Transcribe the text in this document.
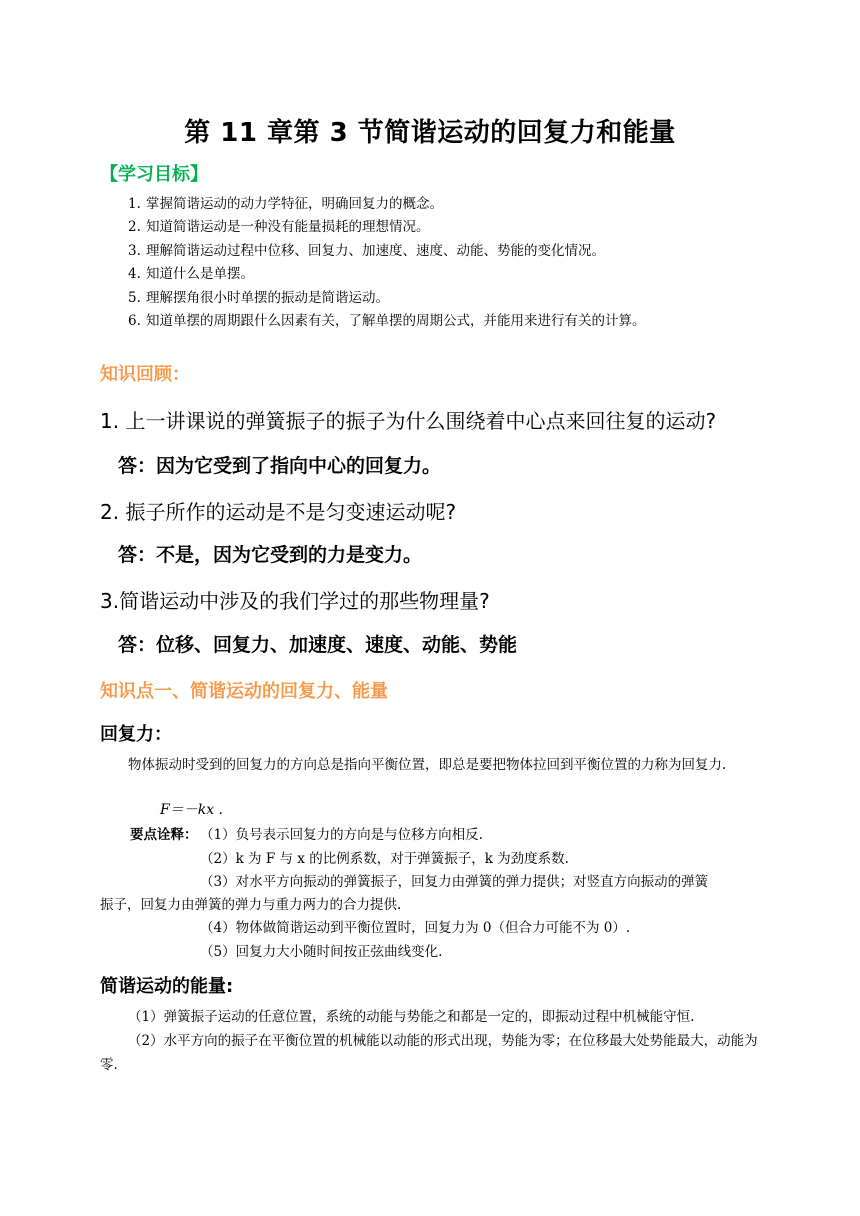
第 11 章第 3 节简谐运动的回复力和能量
【学习目标】
1. 掌握简谐运动的动力学特征，明确回复力的概念。
2. 知道简谐运动是一种没有能量损耗的理想情况。
3. 理解简谐运动过程中位移、回复力、加速度、速度、动能、势能的变化情况。
4. 知道什么是单摆。
5. 理解摆角很小时单摆的振动是简谐运动。
6. 知道单摆的周期跟什么因素有关，了解单摆的周期公式，并能用来进行有关的计算。
知识回顾：
1. 上一讲课说的弹簧振子的振子为什么围绕着中心点来回往复的运动?
答：因为它受到了指向中心的回复力。
2. 振子所作的运动是不是匀变速运动呢?
答：不是，因为它受到的力是变力。
3.简谐运动中涉及的我们学过的那些物理量?
答：位移、回复力、加速度、速度、动能、势能
知识点一、简谐运动的回复力、能量
回复力：
物体振动时受到的回复力的方向总是指向平衡位置，即总是要把物体拉回到平衡位置的力称为回复力.
F＝－kx .
要点诠释： （1）负号表示回复力的方向是与位移方向相反.
（2）k 为 F 与 x 的比例系数，对于弹簧振子，k 为劲度系数.
（3）对水平方向振动的弹簧振子，回复力由弹簧的弹力提供；对竖直方向振动的弹簧
振子，回复力由弹簧的弹力与重力两力的合力提供.
（4）物体做简谐运动到平衡位置时，回复力为 0（但合力可能不为 0）.
（5）回复力大小随时间按正弦曲线变化.
简谐运动的能量:
（1）弹簧振子运动的任意位置，系统的动能与势能之和都是一定的，即振动过程中机械能守恒.
（2）水平方向的振子在平衡位置的机械能以动能的形式出现，势能为零；在位移最大处势能最大，动能为零.
